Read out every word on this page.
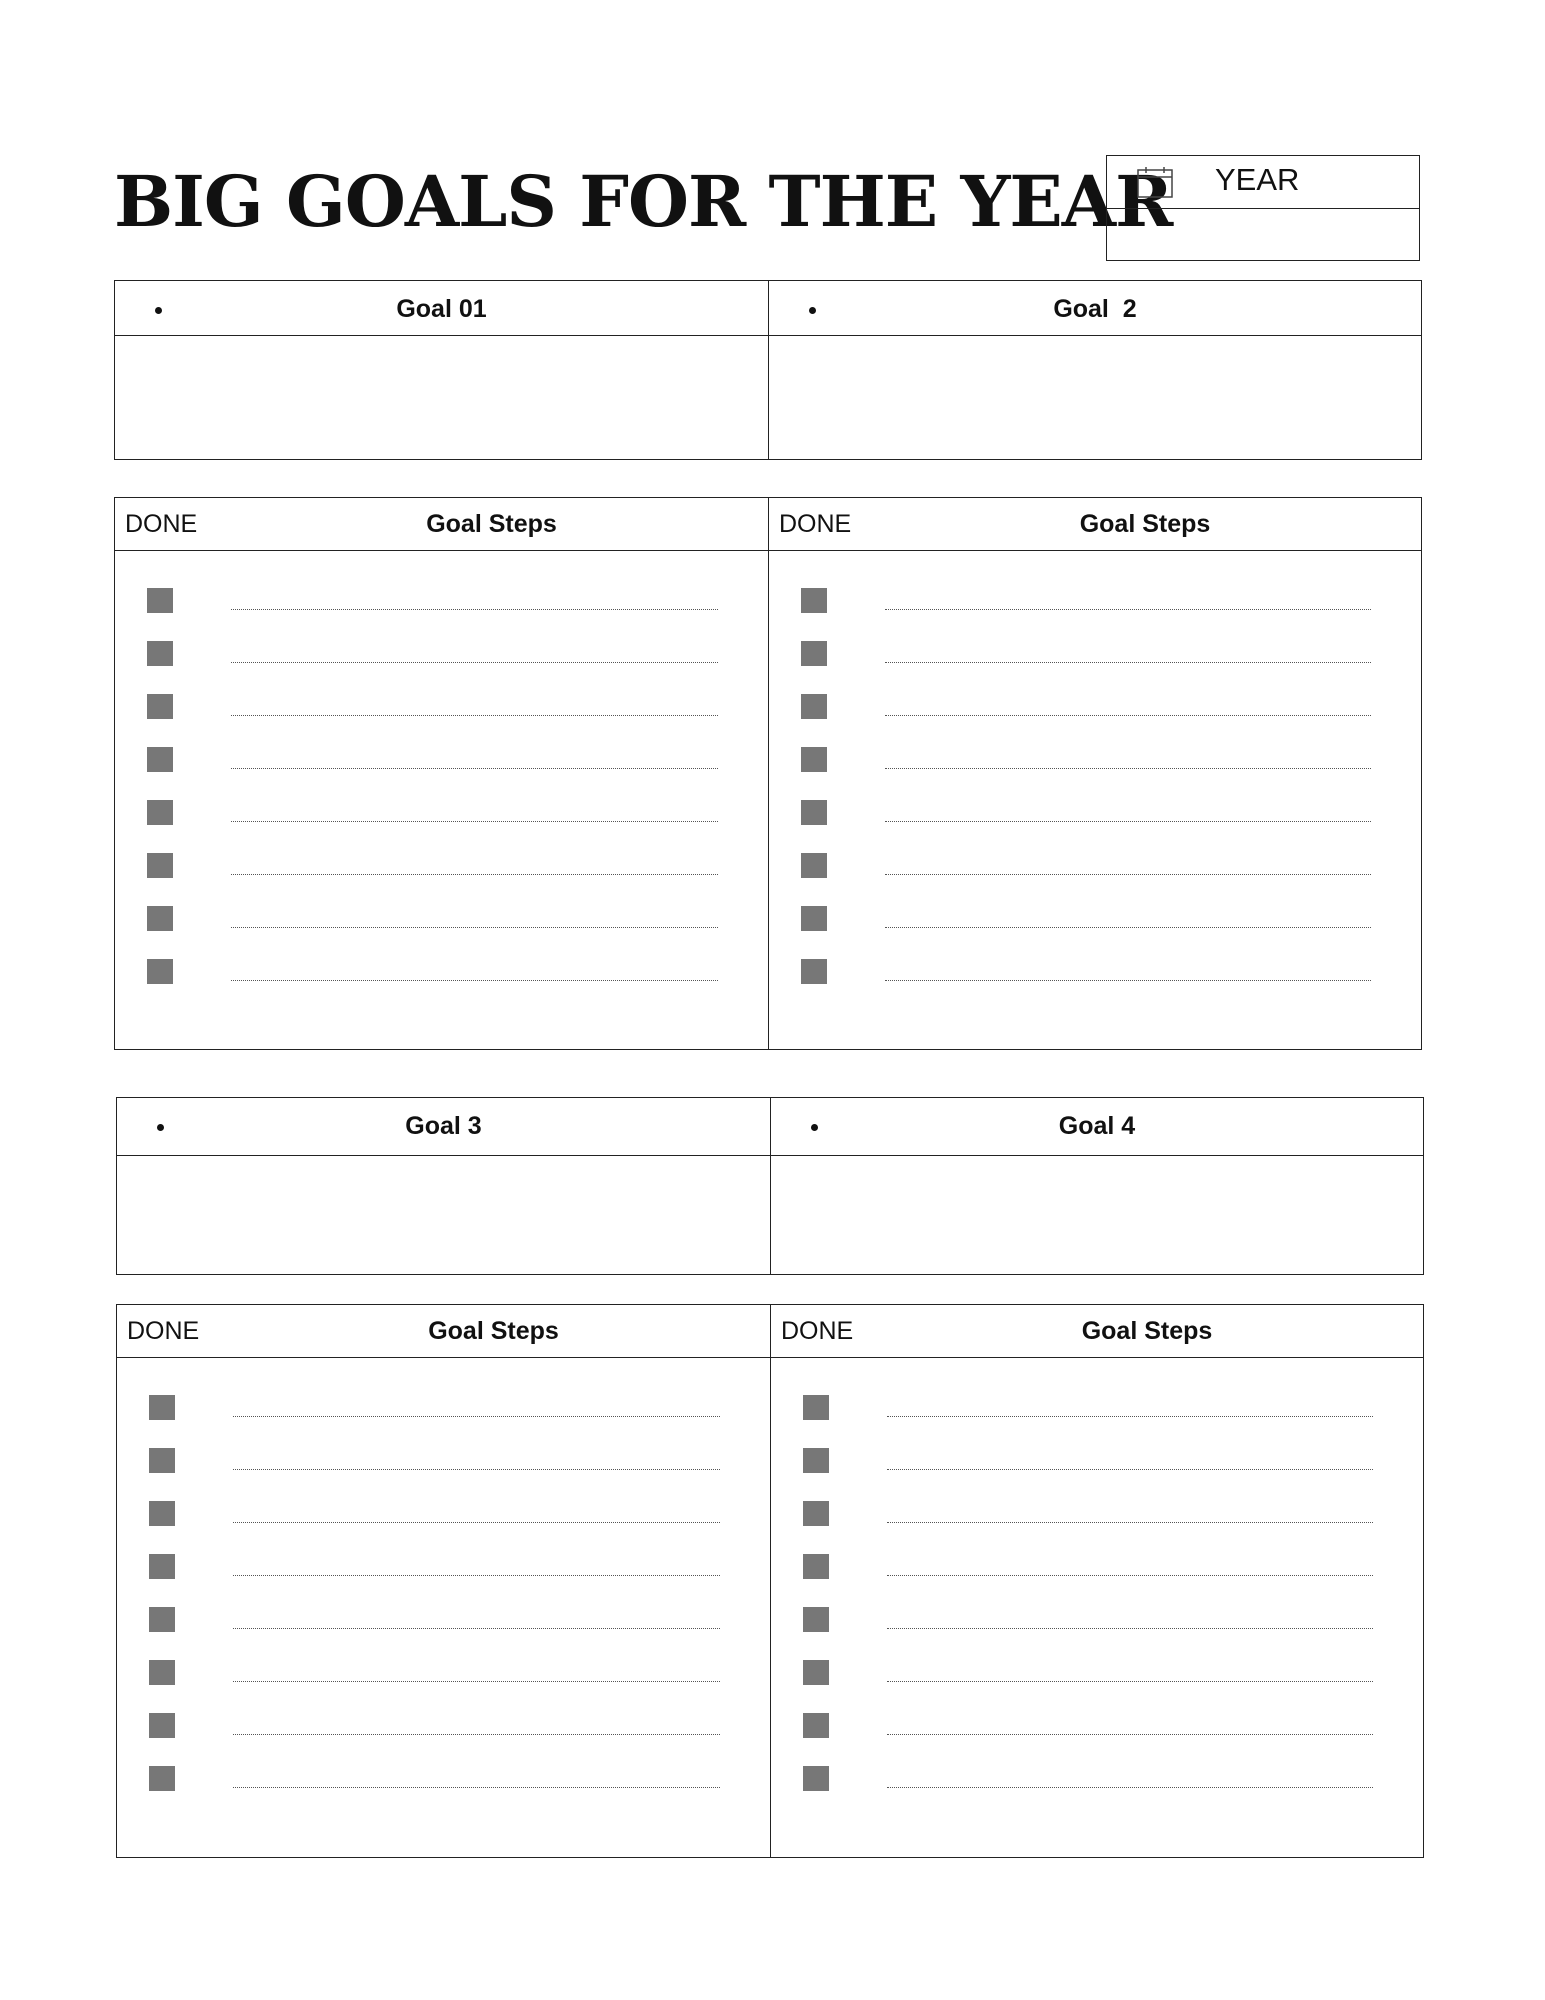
BIG GOALS FOR THE YEAR YEAR
Goal 01	Goal  2
DONE	Goal Steps	DONE	Goal Steps
Goal 3	Goal 4
DONE	Goal Steps	DONE	Goal Steps
